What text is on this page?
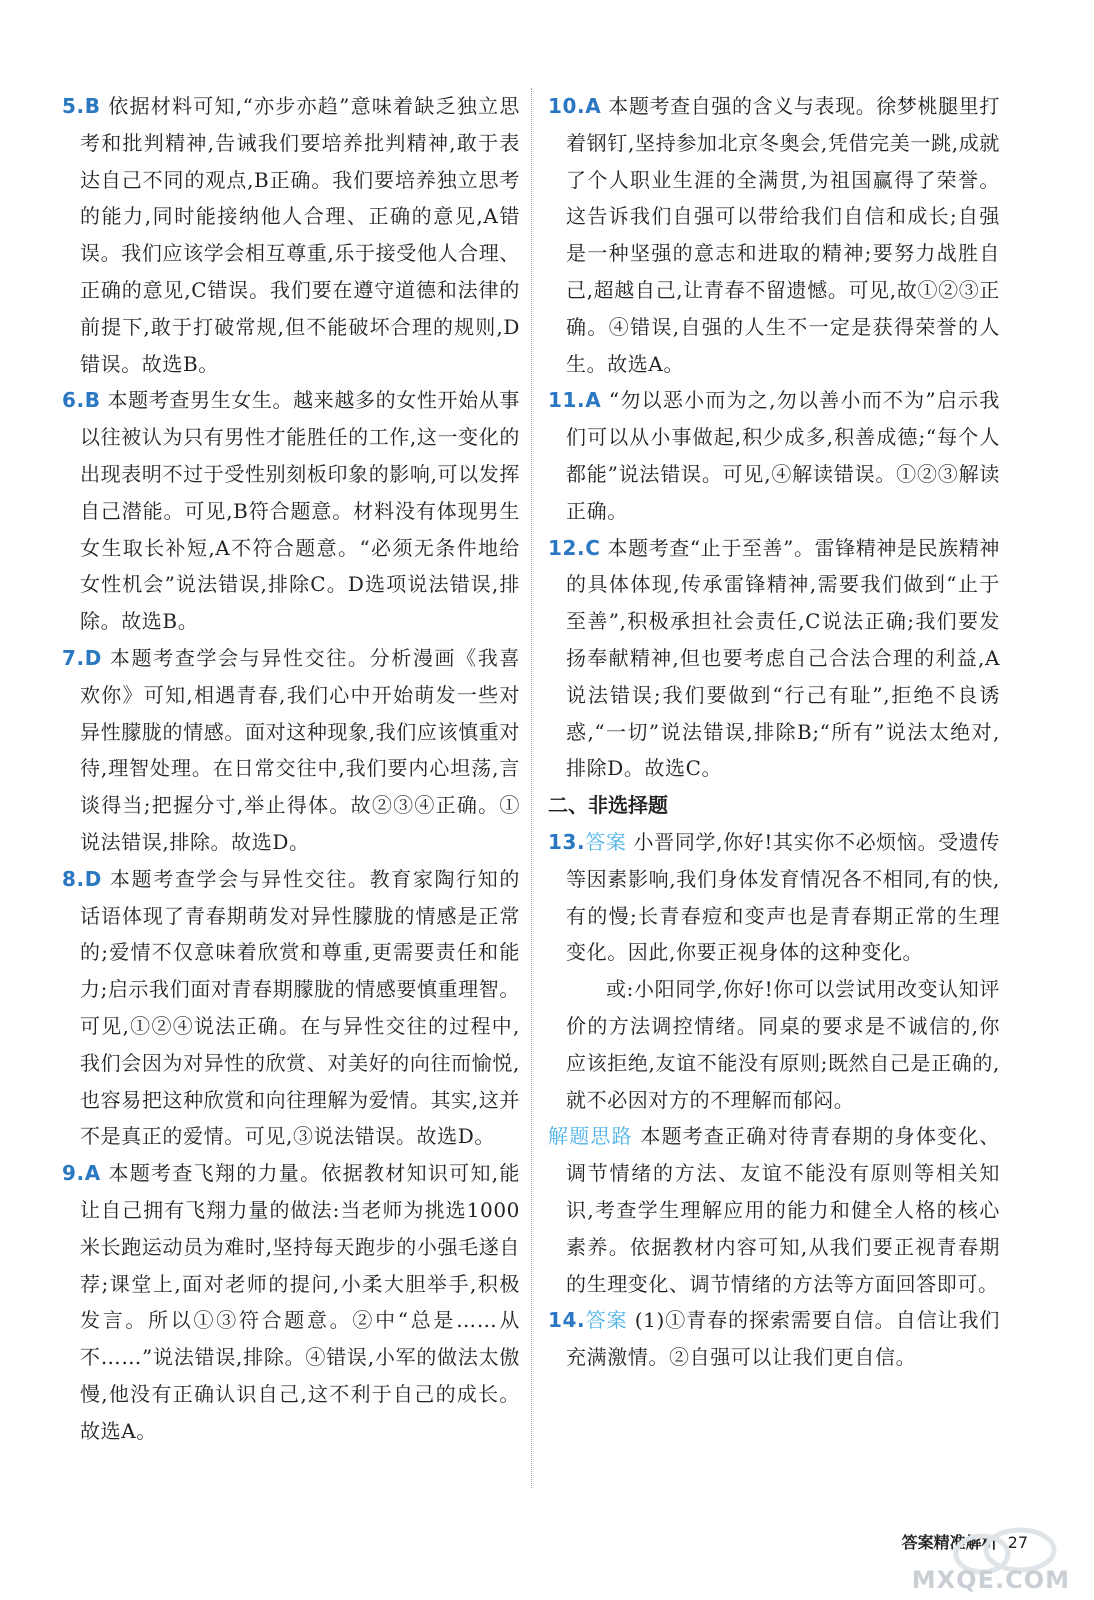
5.B 依据材料可知,“亦步亦趋”意味着缺乏独立思考和批判精神,告诫我们要培养批判精神,敢于表达自己不同的观点,B正确。我们要培养独立思考的能力,同时能接纳他人合理、正确的意见,A错误。我们应该学会相互尊重,乐于接受他人合理、正确的意见,C错误。我们要在遵守道德和法律的前提下,敢于打破常规,但不能破坏合理的规则,D错误。故选B。

6.B 本题考查男生女生。越来越多的女性开始从事以往被认为只有男性才能胜任的工作,这一变化的出现表明不过于受性别刻板印象的影响,可以发挥自己潜能。可见,B符合题意。材料没有体现男生女生取长补短,A不符合题意。“必须无条件地给女性机会”说法错误,排除C。D选项说法错误,排除。故选B。

7.D 本题考查学会与异性交往。分析漫画《我喜欢你》可知,相遇青春,我们心中开始萌发一些对异性朦胧的情感。面对这种现象,我们应该慎重对待,理智处理。在日常交往中,我们要内心坦荡,言谈得当;把握分寸,举止得体。故②③④正确。①说法错误,排除。故选D。

8.D 本题考查学会与异性交往。教育家陶行知的话语体现了青春期萌发对异性朦胧的情感是正常的;爱情不仅意味着欣赏和尊重,更需要责任和能力;启示我们面对青春期朦胧的情感要慎重理智。可见,①②④说法正确。在与异性交往的过程中,我们会因为对异性的欣赏、对美好的向往而愉悦,也容易把这种欣赏和向往理解为爱情。其实,这并不是真正的爱情。可见,③说法错误。故选D。

9.A 本题考查飞翔的力量。依据教材知识可知,能让自己拥有飞翔力量的做法:当老师为挑选1000米长跑运动员为难时,坚持每天跑步的小强毛遂自荐;课堂上,面对老师的提问,小柔大胆举手,积极发言。所以①③符合题意。②中“总是……从不……”说法错误,排除。④错误,小军的做法太傲慢,他没有正确认识自己,这不利于自己的成长。故选A。

10.A 本题考查自强的含义与表现。徐梦桃腿里打着钢钉,坚持参加北京冬奥会,凭借完美一跳,成就了个人职业生涯的全满贯,为祖国赢得了荣誉。这告诉我们自强可以带给我们自信和成长;自强是一种坚强的意志和进取的精神;要努力战胜自己,超越自己,让青春不留遗憾。可见,故①②③正确。④错误,自强的人生不一定是获得荣誉的人生。故选A。

11.A “勿以恶小而为之,勿以善小而不为”启示我们可以从小事做起,积少成多,积善成德;“每个人都能”说法错误。可见,④解读错误。①②③解读正确。

12.C 本题考查“止于至善”。雷锋精神是民族精神的具体体现,传承雷锋精神,需要我们做到“止于至善”,积极承担社会责任,C说法正确;我们要发扬奉献精神,但也要考虑自己合法合理的利益,A说法错误;我们要做到“行己有耻”,拒绝不良诱惑,“一切”说法错误,排除B;“所有”说法太绝对,排除D。故选C。

二、非选择题

13.答案 小晋同学,你好!其实你不必烦恼。受遗传等因素影响,我们身体发育情况各不相同,有的快,有的慢;长青春痘和变声也是青春期正常的生理变化。因此,你要正视身体的这种变化。

或:小阳同学,你好!你可以尝试用改变认知评价的方法调控情绪。同桌的要求是不诚信的,你应该拒绝,友谊不能没有原则;既然自己是正确的,就不必因对方的不理解而郁闷。

解题思路 本题考查正确对待青春期的身体变化、调节情绪的方法、友谊不能没有原则等相关知识,考查学生理解应用的能力和健全人格的核心素养。依据教材内容可知,从我们要正视青春期的生理变化、调节情绪的方法等方面回答即可。

14.答案 (1)①青春的探索需要自信。自信让我们充满激情。②自强可以让我们更自信。

答案精准解析 27
MXQE.COM
